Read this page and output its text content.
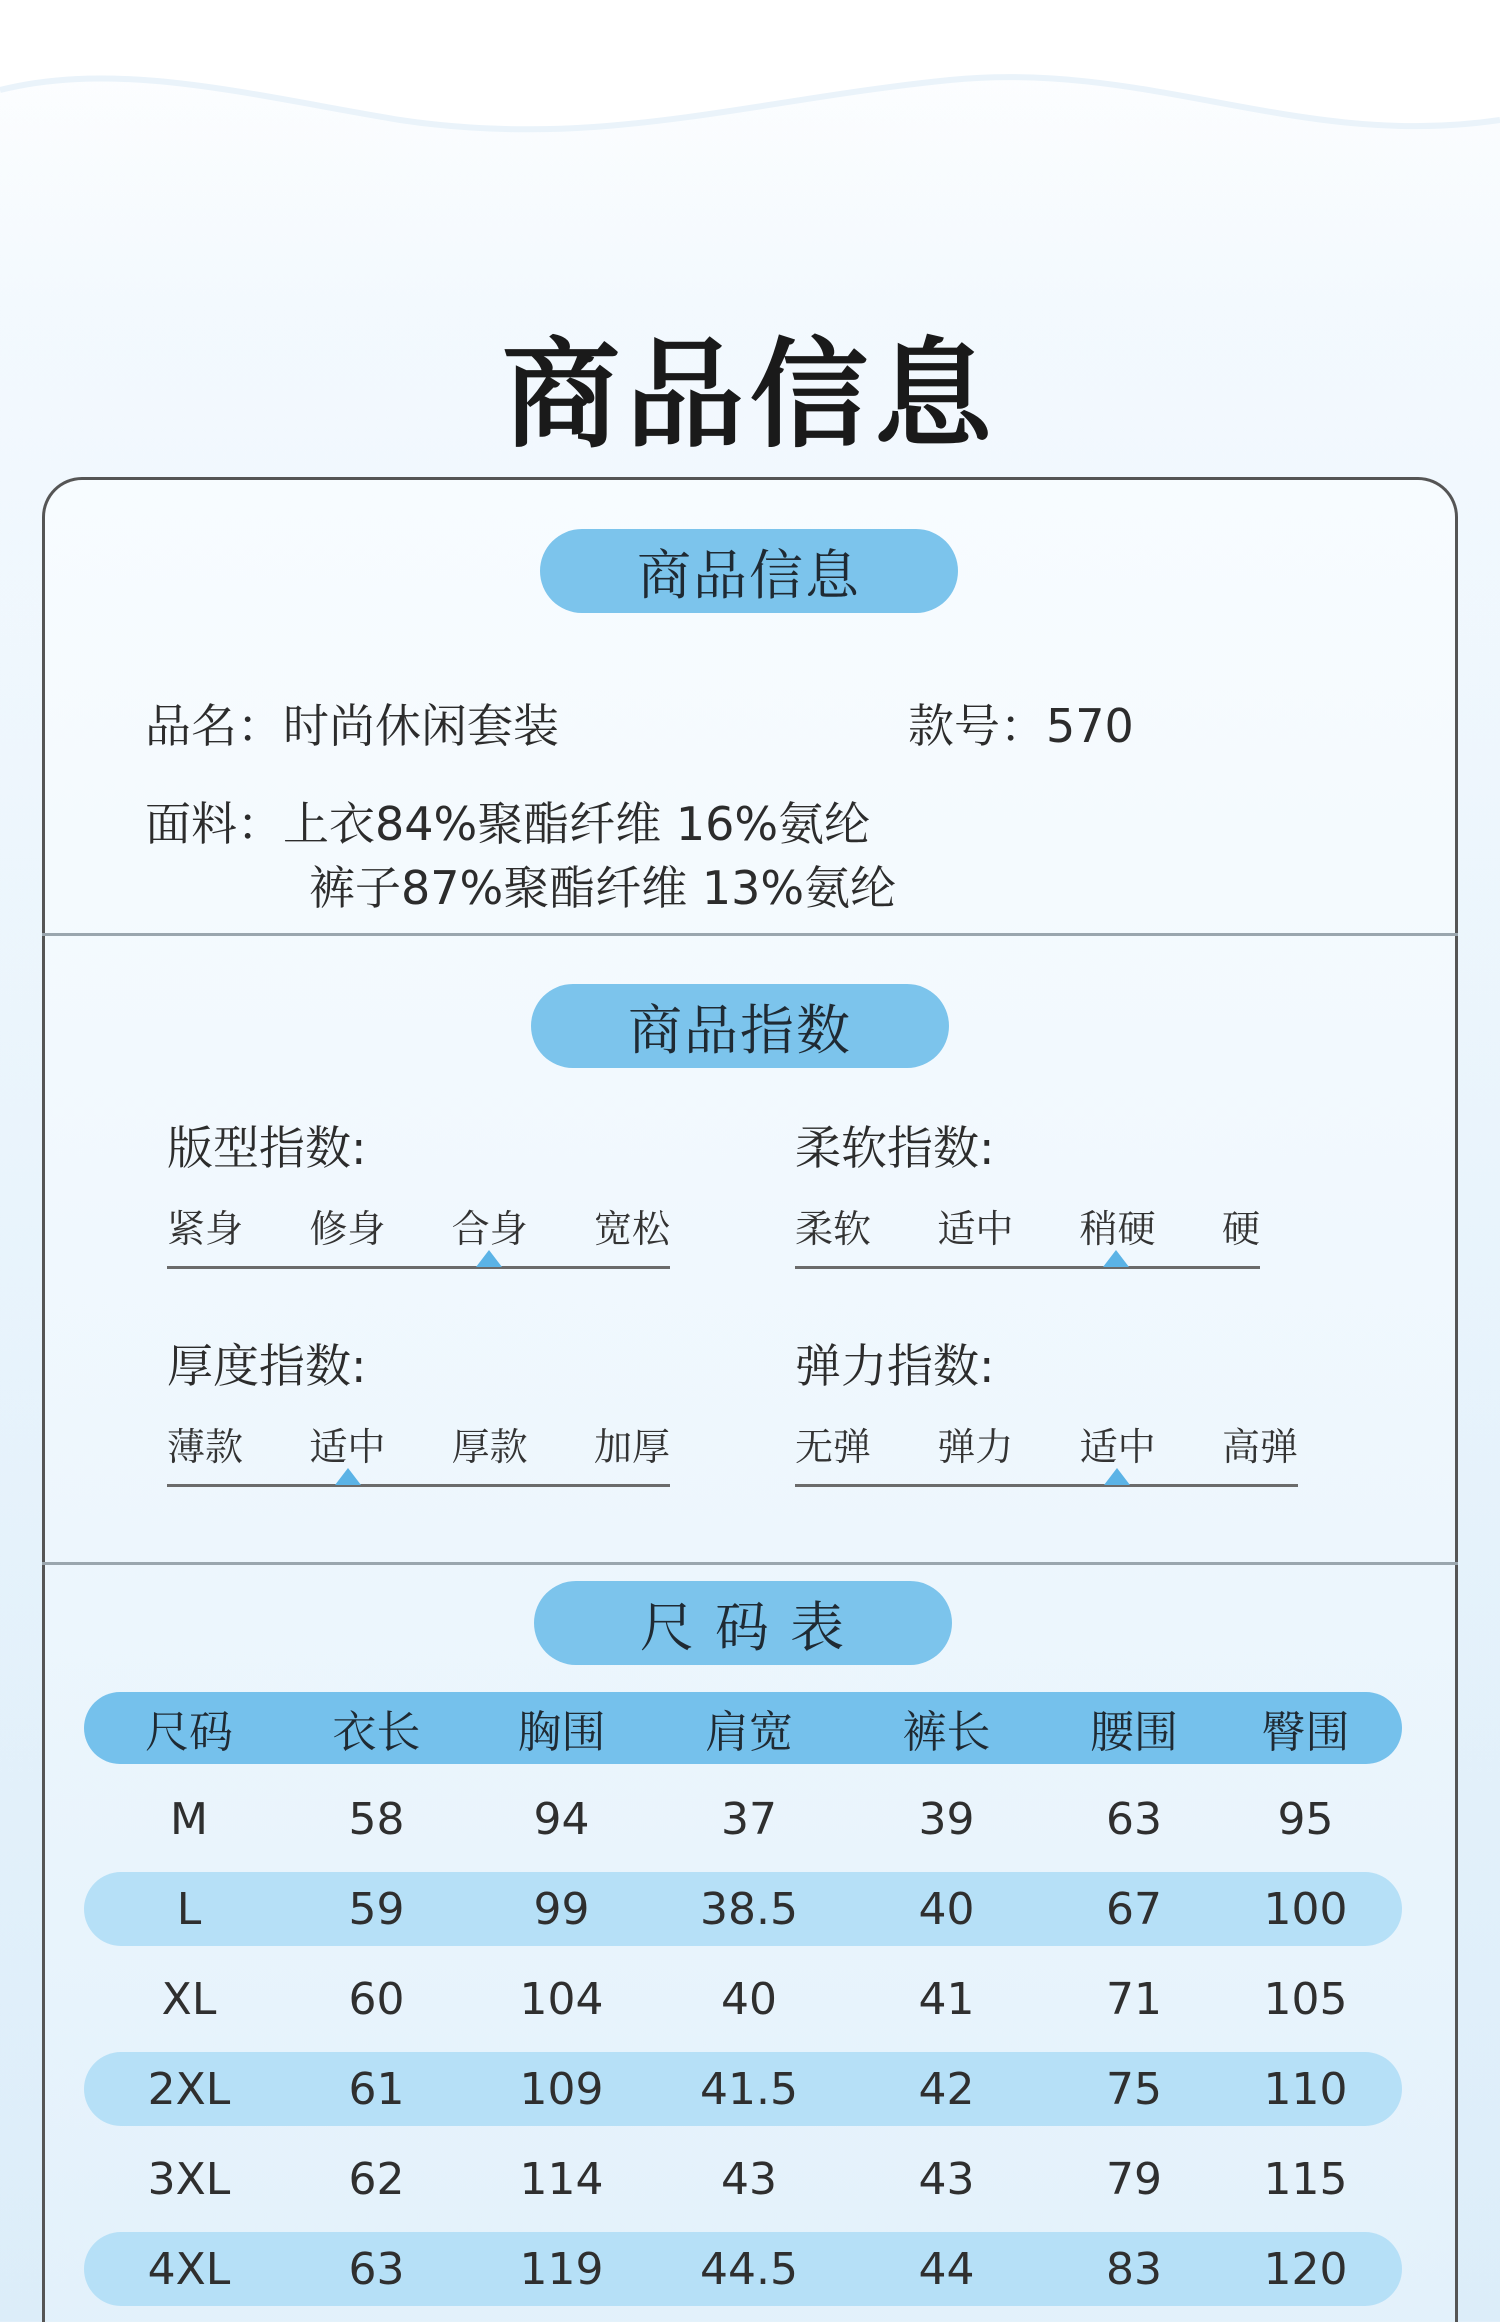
商品信息
商品信息
品名：时尚休闲套装	款号：570
面料：上衣84%聚酯纤维 16%氨纶
裤子87%聚酯纤维 13%氨纶
商品指数
版型指数:
紧身 修身 合身 宽松
柔软指数:
柔软 适中 稍硬 硬
厚度指数:
薄款 适中 厚款 加厚
弹力指数:
无弹 弹力 适中 高弹
尺 码 表
尺码	衣长	胸围	肩宽	裤长	腰围	臀围
M	58	94	37	39	63	95
L	59	99	38.5	40	67	100
XL	60	104	40	41	71	105
2XL	61	109	41.5	42	75	110
3XL	62	114	43	43	79	115
4XL	63	119	44.5	44	83	120
